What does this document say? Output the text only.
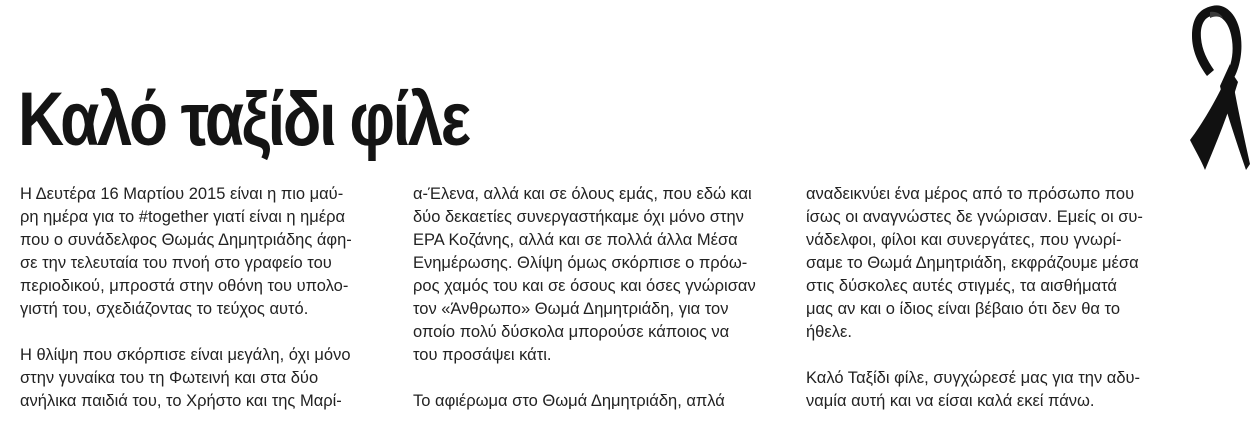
Καλό ταξίδι φίλε
Η Δευτέρα 16 Μαρτίου 2015 είναι η πιο μαύ-
ρη ημέρα για το #together γιατί είναι η ημέρα
που ο συνάδελφος Θωμάς Δημητριάδης άφη-
σε την τελευταία του πνοή στο γραφείο του
περιοδικού, μπροστά στην οθόνη του υπολο-
γιστή του, σχεδιάζοντας το τεύχος αυτό.
Η θλίψη που σκόρπισε είναι μεγάλη, όχι μόνο
στην γυναίκα του τη Φωτεινή και στα δύο
ανήλικα παιδιά του, το Χρήστο και της Μαρί-
α-Έλενα, αλλά και σε όλους εμάς, που εδώ και
δύο δεκαετίες συνεργαστήκαμε όχι μόνο στην
ΕΡΑ Κοζάνης, αλλά και σε πολλά άλλα Μέσα
Ενημέρωσης. Θλίψη όμως σκόρπισε ο πρόω-
ρος χαμός του και σε όσους και όσες γνώρισαν
τον «Άνθρωπο» Θωμά Δημητριάδη, για τον
οποίο πολύ δύσκολα μπορούσε κάποιος να
του προσάψει κάτι.
Το αφιέρωμα στο Θωμά Δημητριάδη, απλά
αναδεικνύει ένα μέρος από το πρόσωπο που
ίσως οι αναγνώστες δε γνώρισαν. Εμείς οι συ-
νάδελφοι, φίλοι και συνεργάτες, που γνωρί-
σαμε το Θωμά Δημητριάδη, εκφράζουμε μέσα
στις δύσκολες αυτές στιγμές, τα αισθήματά
μας αν και ο ίδιος είναι βέβαιο ότι δεν θα το
ήθελε.
Καλό Ταξίδι φίλε, συγχώρεσέ μας για την αδυ-
ναμία αυτή και να είσαι καλά εκεί πάνω.
